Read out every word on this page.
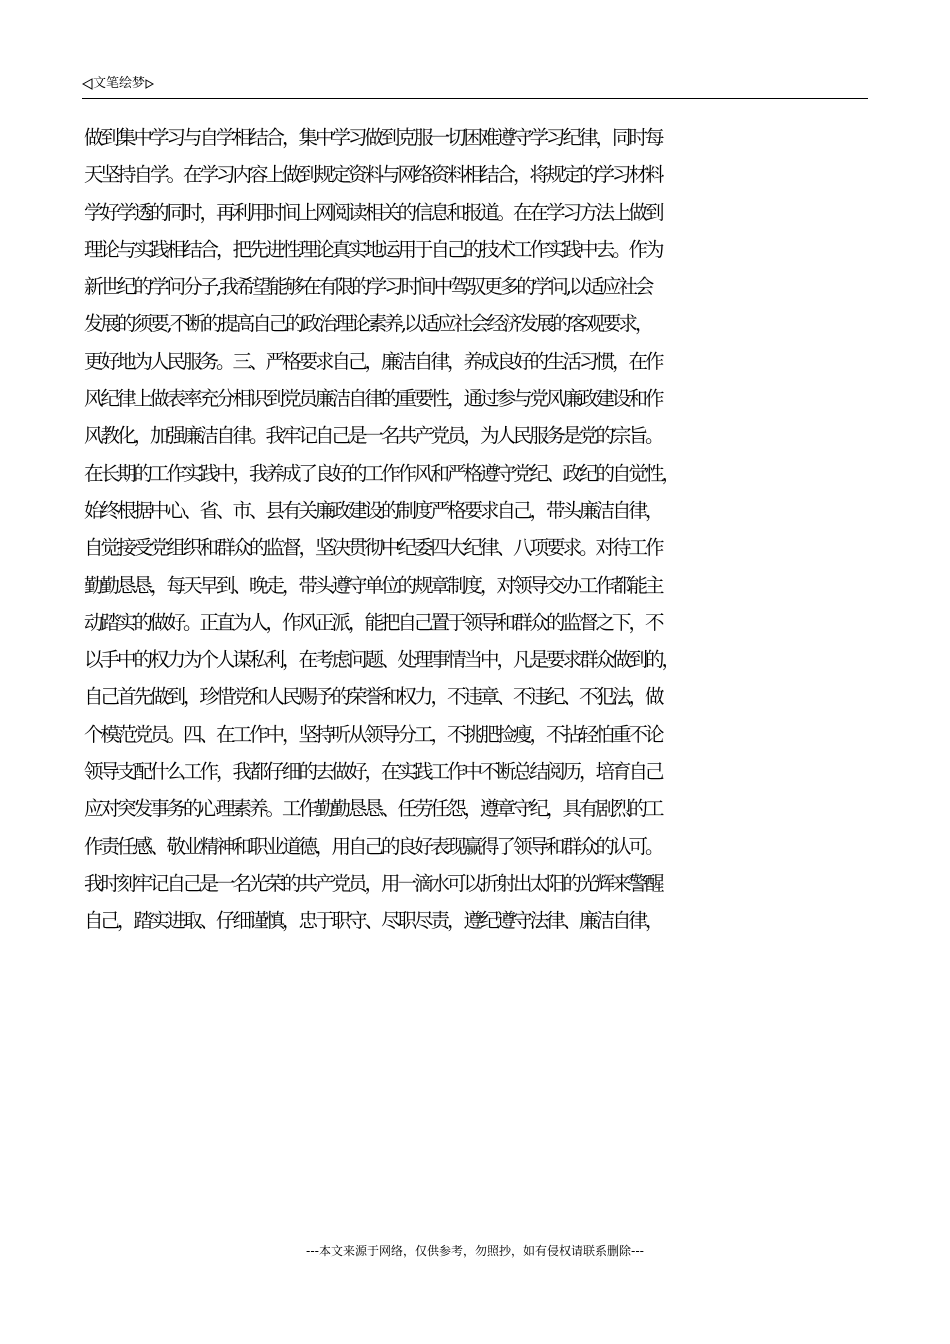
文笔绘梦
做到集中学习与自学相结合，集中学习做到克服一切困难遵守学习纪律，同时每
天坚持自学。在学习内容上做到规定资料与网络资料相结合，将规定的学习材料
学好学透的同时，再利用时间上网阅读相关的信息和报道。在在学习方法上做到
理论与实践相结合，把先进性理论真实地运用于自己的技术工作实践中去。作为
新世纪的学问分子,我希望能够在有限的学习时间中驾驭更多的学问,以适应社会
发展的须要,不断的提高自己的政治理论素养,以适应社会经济发展的客观要求，
更好地为人民服务。三、严格要求自己，廉洁自律，养成良好的生活习惯，在作
风纪律上做表率充分相识到党员廉洁自律的重要性，通过参与党风廉政建设和作
风教化，加强廉洁自律。我牢记自己是一名共产党员，为人民服务是党的宗旨。
在长期的工作实践中，我养成了良好的工作作风和严格遵守党纪、政纪的自觉性，
始终根据中心、省、市、县有关廉政建设的制度严格要求自己，带头廉洁自律，
自觉接受党组织和群众的监督，坚决贯彻中纪委四大纪律、八项要求。对待工作
勤勤恳恳，每天早到、晚走，带头遵守单位的规章制度，对领导交办工作都能主
动踏实的做好。正直为人，作风正派，能把自己置于领导和群众的监督之下，不
以手中的权力为个人谋私利，在考虑问题、处理事情当中，凡是要求群众做到的，
自己首先做到，珍惜党和人民赐予的荣誉和权力，不违章、不违纪、不犯法，做
个模范党员。四、在工作中，坚持听从领导分工，不挑肥捡瘦，不拈轻怕重不论
领导支配什么工作，我都仔细的去做好，在实践工作中不断总结阅历，培育自己
应对突发事务的心理素养。工作勤勤恳恳、任劳任怨，遵章守纪，具有剧烈的工
作责任感、敬业精神和职业道德，用自己的良好表现赢得了领导和群众的认可。
我时刻牢记自己是一名光荣的共产党员，用一滴水可以折射出太阳的光辉来警醒
自己，踏实进取、仔细谨慎，忠于职守、尽职尽责，遵纪遵守法律、廉洁自律，
---本文来源于网络，仅供参考，勿照抄，如有侵权请联系删除---
